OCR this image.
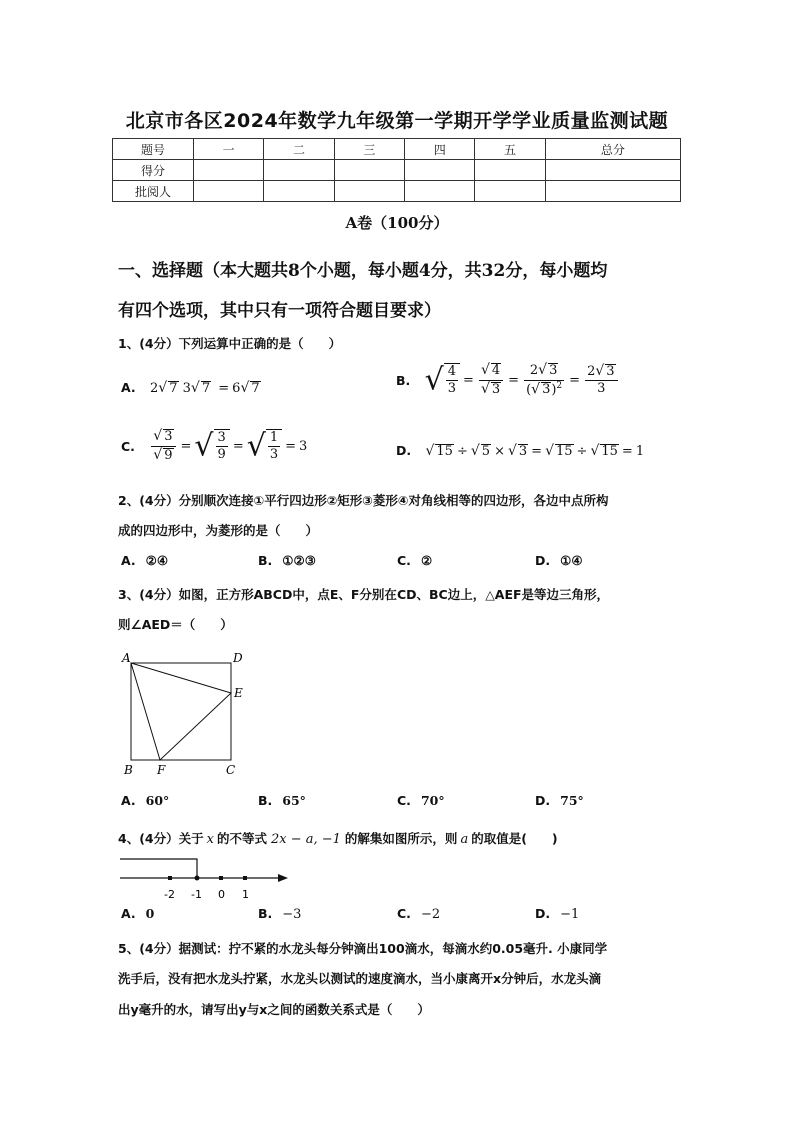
北京市各区2024年数学九年级第一学期开学学业质量监测试题
题号	一	二	三	四	五	总分
得分						
批阅人						
A卷（100分）
一、选择题（本大题共8个小题，每小题4分，共32分，每小题均
有四个选项，其中只有一项符合题目要求）
1、(4分）下列运算中正确的是（　　）
A. 2√ 7 3√ 7 = 6√ 7
B. √ $\frac{4}{3} = \frac{√ 4}{√ 3} = \frac{2√ 3}{(√ 3)^2} = \frac{2√ 3}{3}$
C. $\frac{√ 3}{√ 9}$ = √ $\frac{3}{9}$ = √ $\frac{1}{3} = 3$	D. √ 15 ÷ √ 5 × √ 3 = √ 15 ÷ √ 15 = 1
2、(4分）分别顺次连接①平行四边形②矩形③菱形④对角线相等的四边形，各边中点所构
成的四边形中，为菱形的是（　　）
A. ②④	B. ①②③	C. ②	D. ①④
3、(4分）如图，正方形ABCD中，点E、F分别在CD、BC边上，△AEF是等边三角形，
则∠AED＝（　　）
A	D
E
B F	C
A. 60°	B. 65°	C. 70°	D. 75°
4、(4分）关于 x 的不等式 2x − a, −1 的解集如图所示，则 a 的取值是(　　)
-2 -1 0 1
A. 0	B. −3	C. −2	D. −1
5、(4分）据测试：拧不紧的水龙头每分钟滴出100滴水，每滴水约0.05毫升. 小康同学
洗手后，没有把水龙头拧紧，水龙头以测试的速度滴水，当小康离开x分钟后，水龙头滴
出y毫升的水，请写出y与x之间的函数关系式是（　　）
